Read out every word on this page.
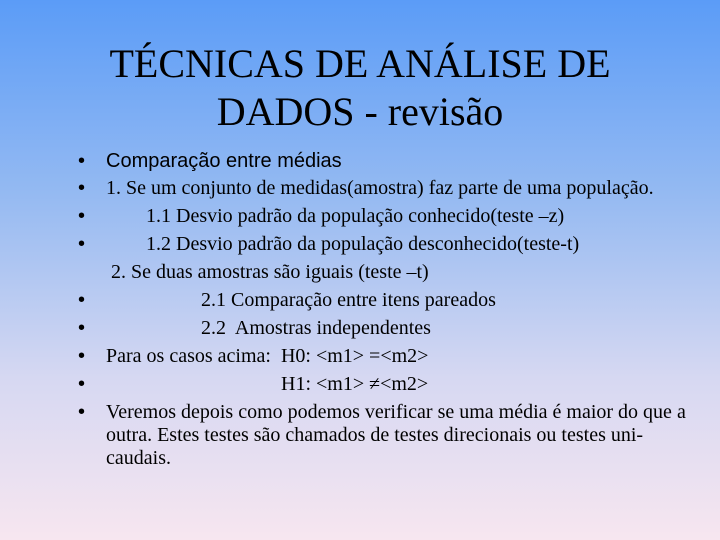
TÉCNICAS DE ANÁLISE DE
DADOS - revisão
• Comparação entre médias
• 1. Se um conjunto de medidas(amostra) faz parte de uma população.
• 1.1 Desvio padrão da população conhecido(teste –z)
• 1.2 Desvio padrão da população desconhecido(teste-t)
2. Se duas amostras são iguais (teste –t)
• 2.1 Comparação entre itens pareados
• 2.2  Amostras independentes
• Para os casos acima:  H0: <m1> =<m2>
• H1: <m1> ≠<m2>
• Veremos depois como podemos verificar se uma média é maior do que a outra. Estes testes são chamados de testes direcionais ou testes uni-caudais.
